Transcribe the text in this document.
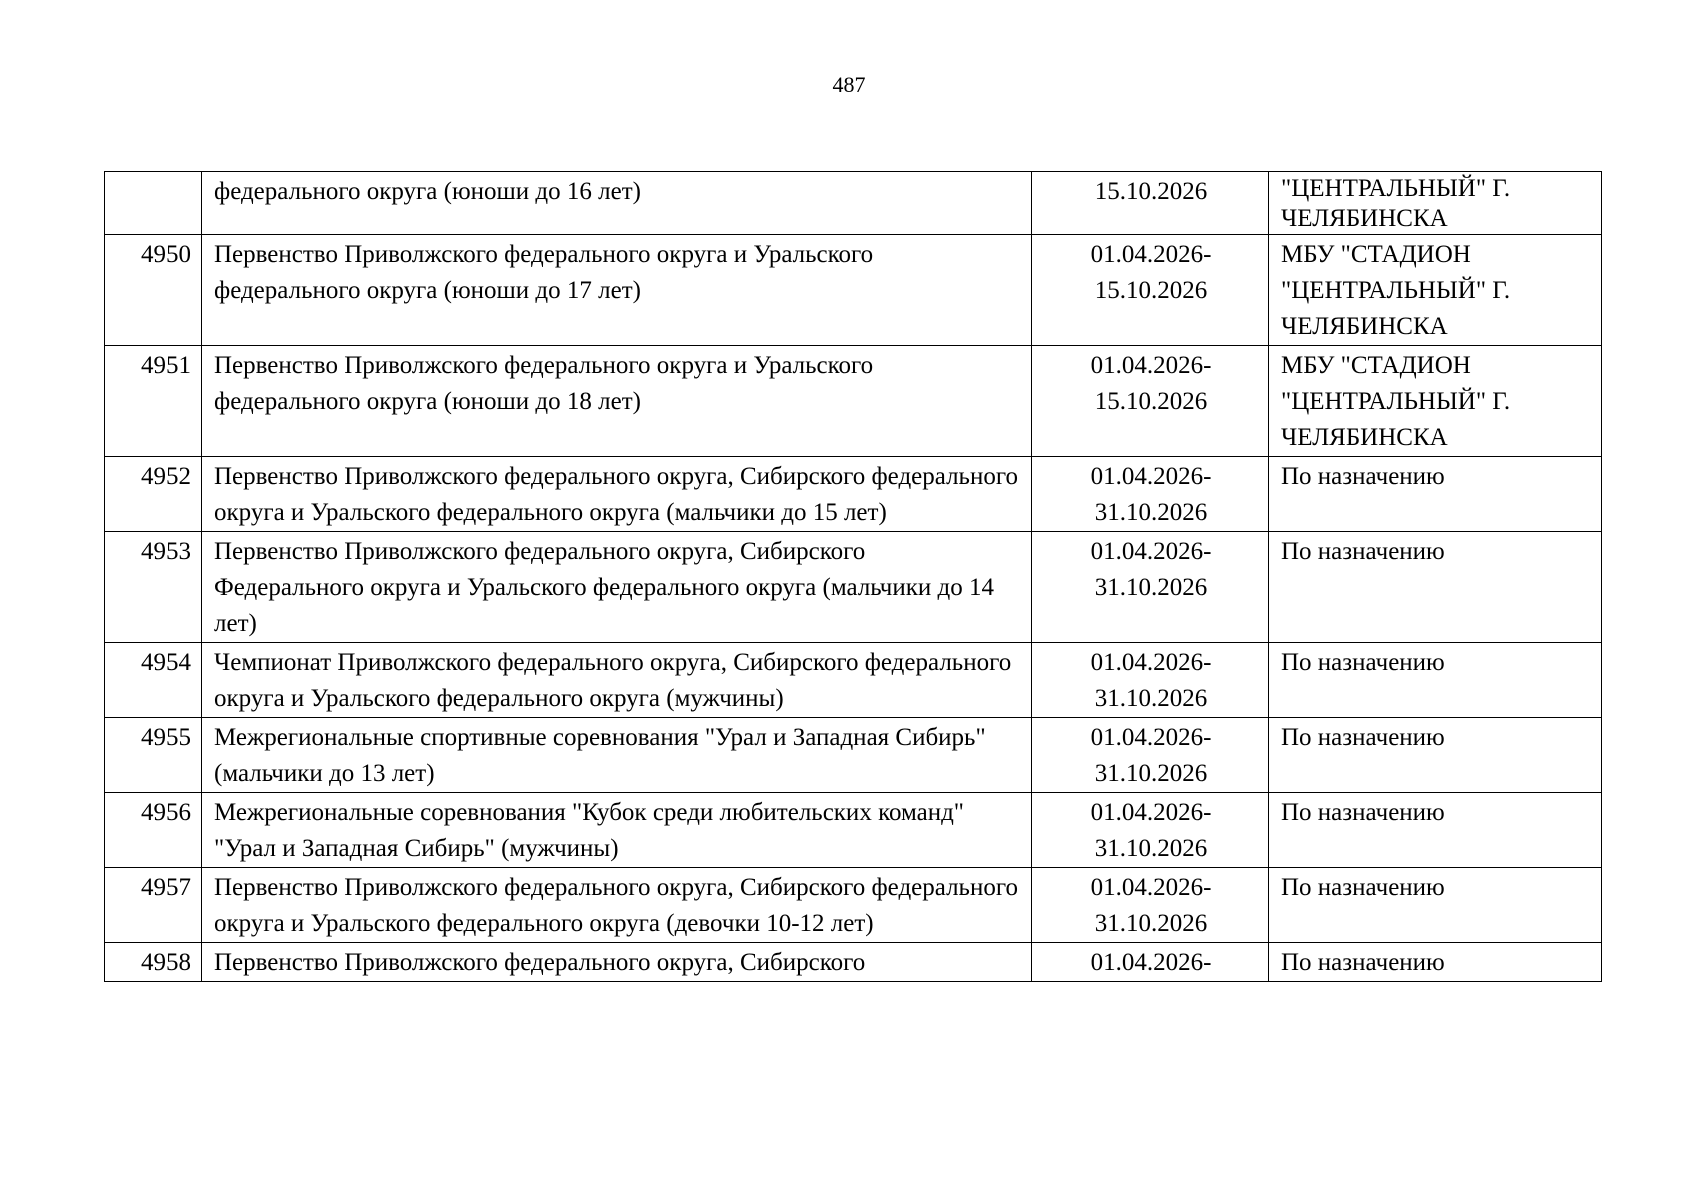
487
	федерального округа (юноши до 16 лет)	15.10.2026	"ЦЕНТРАЛЬНЫЙ" Г. ЧЕЛЯБИНСКА
4950	Первенство Приволжского федерального округа и Уральского федерального округа (юноши до 17 лет)	01.04.2026-15.10.2026	МБУ "СТАДИОН "ЦЕНТРАЛЬНЫЙ" Г. ЧЕЛЯБИНСКА
4951	Первенство Приволжского федерального округа и Уральского федерального округа (юноши до 18 лет)	01.04.2026-15.10.2026	МБУ "СТАДИОН "ЦЕНТРАЛЬНЫЙ" Г. ЧЕЛЯБИНСКА
4952	Первенство Приволжского федерального округа, Сибирского федерального округа и Уральского федерального округа (мальчики до 15 лет)	01.04.2026-31.10.2026	По назначению
4953	Первенство Приволжского федерального округа, Сибирского Федерального округа и Уральского федерального округа (мальчики до 14 лет)	01.04.2026-31.10.2026	По назначению
4954	Чемпионат Приволжского федерального округа, Сибирского федерального округа и Уральского федерального округа (мужчины)	01.04.2026-31.10.2026	По назначению
4955	Межрегиональные спортивные соревнования "Урал и Западная Сибирь" (мальчики до 13 лет)	01.04.2026-31.10.2026	По назначению
4956	Межрегиональные соревнования "Кубок среди любительских команд" "Урал и Западная Сибирь" (мужчины)	01.04.2026-31.10.2026	По назначению
4957	Первенство Приволжского федерального округа, Сибирского федерального округа и Уральского федерального округа (девочки 10-12 лет)	01.04.2026-31.10.2026	По назначению
4958	Первенство Приволжского федерального округа, Сибирского	01.04.2026-	По назначению
